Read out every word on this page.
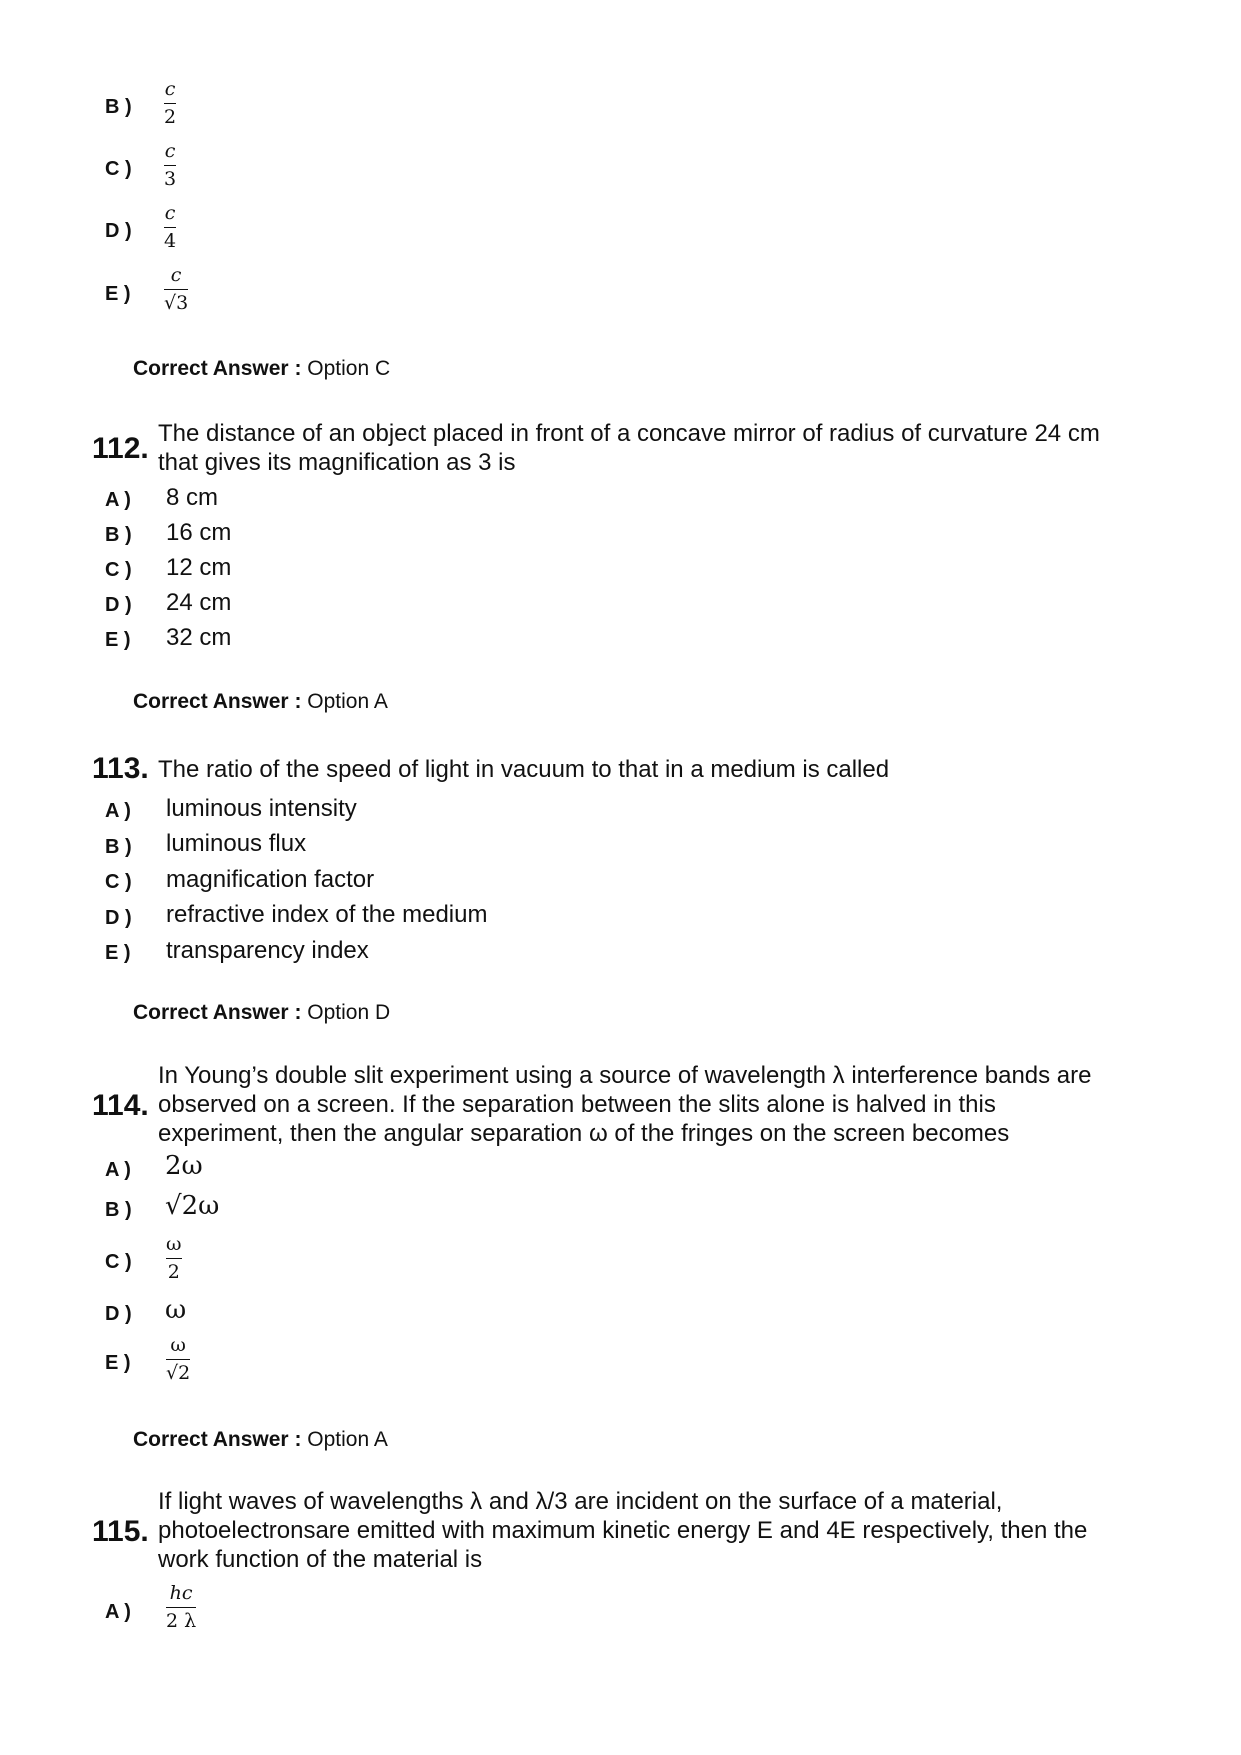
B )
c
2
C )
c
3
D )
c
4
E )
c
√3
Correct Answer : Option C
112. The distance of an object placed in front of a concave mirror of radius of curvature 24 cm
that gives its magnification as 3 is
A ) 8 cm
B ) 16 cm
C ) 12 cm
D ) 24 cm
E ) 32 cm
Correct Answer : Option A
113. The ratio of the speed of light in vacuum to that in a medium is called
A ) luminous intensity
B ) luminous flux
C ) magnification factor
D ) refractive index of the medium
E ) transparency index
Correct Answer : Option D
114.
In Young’s double slit experiment using a source of wavelength λ interference bands are
observed on a screen. If the separation between the slits alone is halved in this
experiment, then the angular separation ω of the fringes on the screen becomes
A ) 2ω
B ) √2ω
C )
ω
2
D ) ω
E )
ω
√2
Correct Answer : Option A
115.
If light waves of wavelengths λ and λ/3 are incident on the surface of a material,
photoelectronsare emitted with maximum kinetic energy E and 4E respectively, then the
work function of the material is
A )
hc
2 λ
